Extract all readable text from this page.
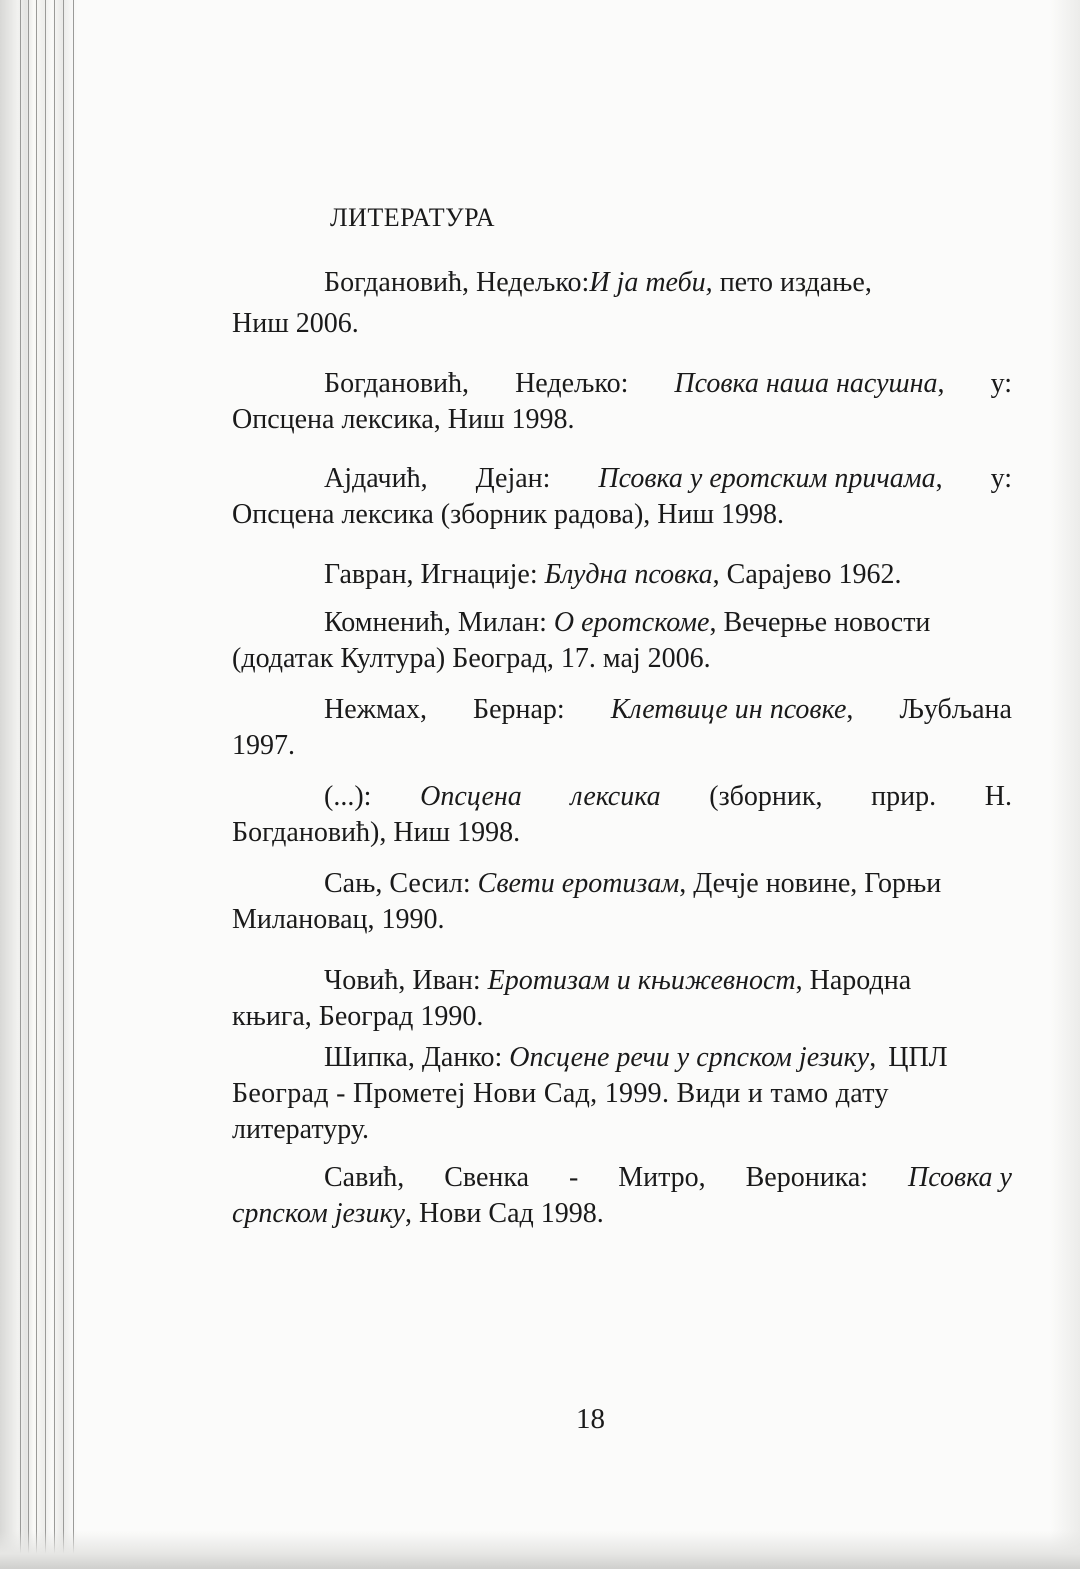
ЛИТЕРАТУРА
Богдановић, Недељко: И ја теби, пето издање,
Ниш 2006.
Богдановић, Недељко: Псовка наша насушна, у:
Опсцена лексика, Ниш 1998.
Ајдачић, Дејан: Псовка у еротским причама, у:
Опсцена лексика (зборник радова), Ниш 1998.
Гавран, Игнације: Блудна псовка , Сарајево 1962.
Комненић, Милан: О еротскоме , Вечерње новости
(додатак Култура) Београд, 17. мај 2006.
Нежмах, Бернар: Клетвице ин псовке, Љубљана
1997.
(...): Опсцена лексика (зборник, прир. Н.
Богдановић), Ниш 1998.
Сањ, Сесил: Свети еротизам , Дечје новине, Горњи
Милановац, 1990.
Човић, Иван: Еротизам и књижевност , Народна
књига, Београд 1990.
Шипка, Данко: Опсцене речи у српском језику , ЦПЛ
Београд - Прометеј Нови Сад, 1999. Види и тамо дату
литературу.
Савић, Свенка - Митро, Вероника: Псовка у
српском језику, Нови Сад 1998.
18
